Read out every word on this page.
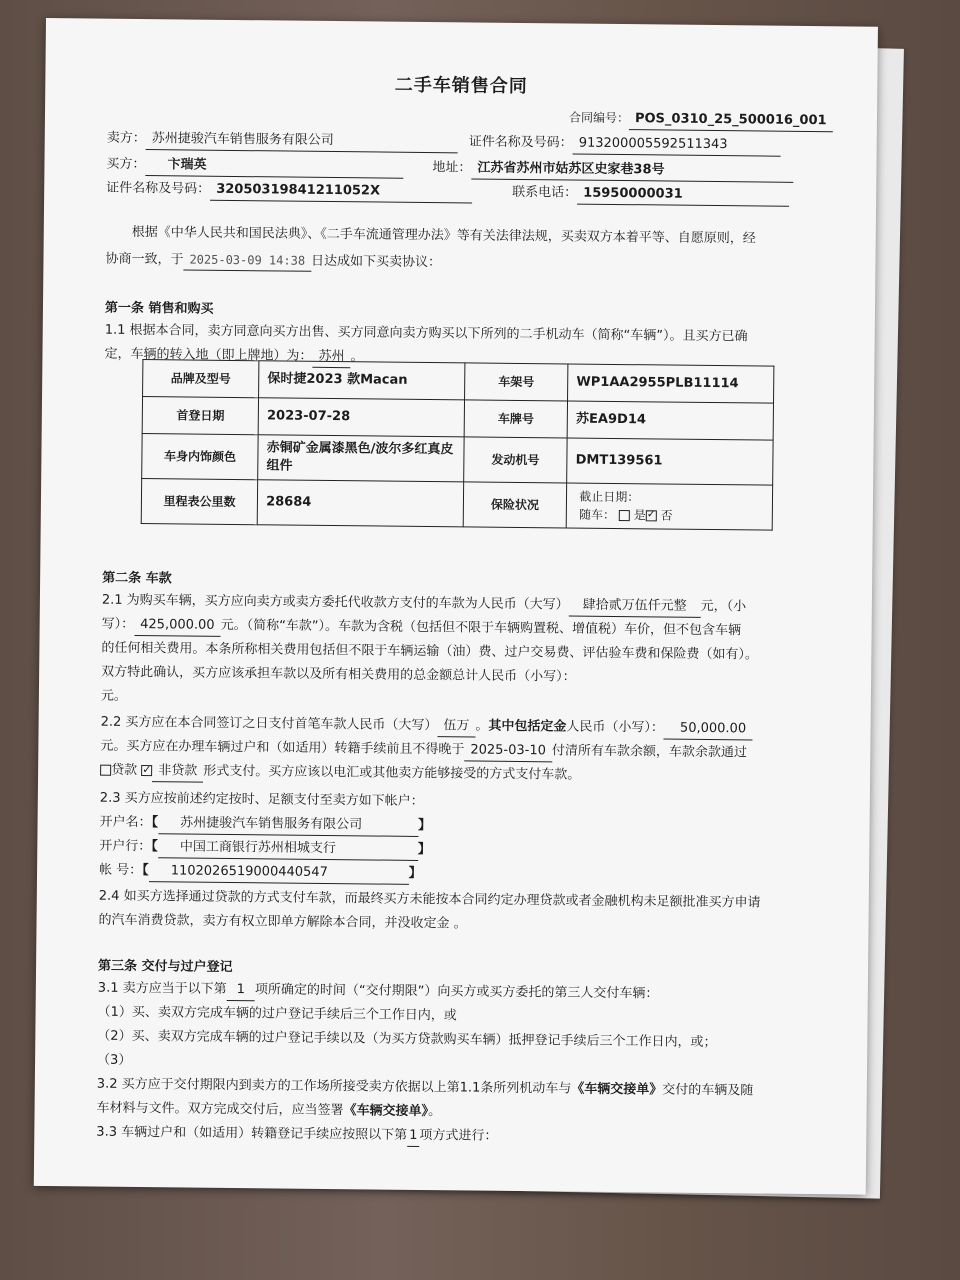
二手车销售合同
合同编号： POS_0310_25_500016_001
卖方： 苏州捷骏汽车销售服务有限公司	证件名称及号码： 913200005592511343
买方： 卞瑞英	地址： 江苏省苏州市姑苏区史家巷38号
证件名称及号码： 32050319841211052X	联系电话： 15950000031
根据《中华人民共和国民法典》、《二手车流通管理办法》等有关法律法规，买卖双方本着平等、自愿原则，经
协商一致，于 2025-03-09 14:38 日达成如下买卖协议：
第一条 销售和购买
1.1 根据本合同，卖方同意向买方出售、买方同意向卖方购买以下所列的二手机动车（简称“车辆”）。且买方已确
定，车辆的转入地（即上牌地）为： 苏州 。
品牌及型号	保时捷2023 款Macan	车架号	WP1AA2955PLB11114
首登日期	2023-07-28	车牌号	苏EA9D14
车身内饰颜色	赤铜矿金属漆黑色/波尔多红真皮组件	发动机号	DMT139561
里程表公里数	28684	保险状况	截止日期：
随车： 是 ✓ 否
第二条 车款
2.1 为购买车辆，买方应向卖方或卖方委托代收款方支付的车款为人民币（大写） 肆拾贰万伍仟元整 元，（小
写）： 425,000.00 元。（简称“车款”）。车款为含税（包括但不限于车辆购置税、增值税）车价，但不包含车辆
的任何相关费用。本条所称相关费用包括但不限于车辆运输（油）费、过户交易费、评估验车费和保险费（如有）。
双方特此确认，买方应该承担车款以及所有相关费用的总金额总计人民币（小写）：
元。
2.2 买方应在本合同签订之日支付首笔车款人民币（大写） 伍万 。其中包括定金人民币（小写）： 50,000.00
元。买方应在办理车辆过户和（如适用）转籍手续前且不得晚于 2025-03-10 付清所有车款余额，车款余款通过
贷款 ✓ 非贷款 形式支付。买方应该以电汇或其他卖方能够接受的方式支付车款。
2.3 买方应按前述约定按时、足额支付至卖方如下帐户：
开户名：【 苏州捷骏汽车销售服务有限公司	】
开户行：【 中国工商银行苏州相城支行	】
帐 号：【 1102026519000440547	】
2.4 如买方选择通过贷款的方式支付车款，而最终买方未能按本合同约定办理贷款或者金融机构未足额批准买方申请
的汽车消费贷款，卖方有权立即单方解除本合同，并没收定金 。
第三条 交付与过户登记
3.1 卖方应当于以下第 1 项所确定的时间（“交付期限”）向买方或买方委托的第三人交付车辆：
（1）买、卖双方完成车辆的过户登记手续后三个工作日内，或
（2）买、卖双方完成车辆的过户登记手续以及（为买方贷款购买车辆）抵押登记手续后三个工作日内，或；
（3）
3.2 买方应于交付期限内到卖方的工作场所接受卖方依据以上第1.1条所列机动车与《车辆交接单》交付的车辆及随
车材料与文件。双方完成交付后，应当签署《车辆交接单》。
3.3 车辆过户和（如适用）转籍登记手续应按照以下第 1 项方式进行：
